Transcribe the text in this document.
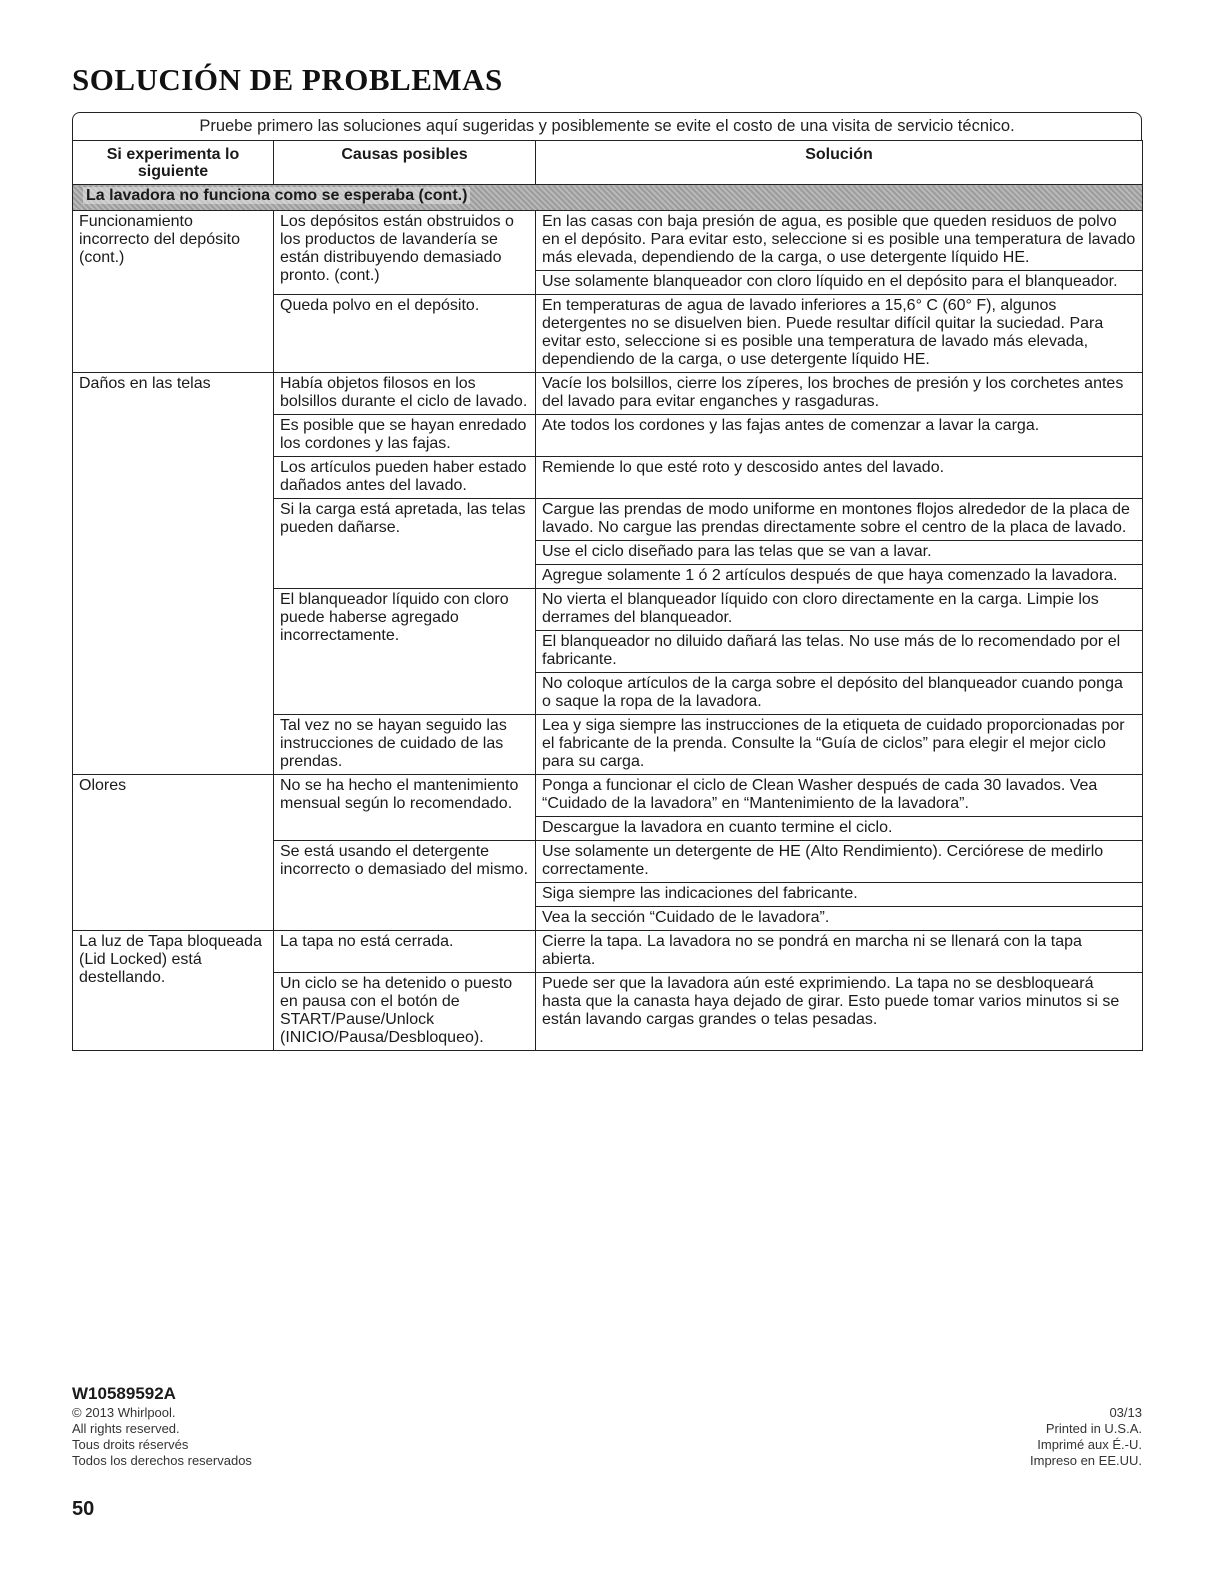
SOLUCIÓN DE PROBLEMAS
Pruebe primero las soluciones aquí sugeridas y posiblemente se evite el costo de una visita de servicio técnico.
Si experimenta lo siguiente	Causas posibles	Solución
La lavadora no funciona como se esperaba (cont.)		
Funcionamiento incorrecto del depósito (cont.)	Los depósitos están obstruidos o los productos de lavandería se están distribuyendo demasiado pronto. (cont.)	En las casas con baja presión de agua, es posible que queden residuos de polvo en el depósito. Para evitar esto, seleccione si es posible una temperatura de lavado más elevada, dependiendo de la carga, o use detergente líquido HE.
		Use solamente blanqueador con cloro líquido en el depósito para el blanqueador.
	Queda polvo en el depósito.	En temperaturas de agua de lavado inferiores a 15,6° C (60° F), algunos detergentes no se disuelven bien. Puede resultar difícil quitar la suciedad. Para evitar esto, seleccione si es posible una temperatura de lavado más elevada, dependiendo de la carga, o use detergente líquido HE.
Daños en las telas	Había objetos filosos en los bolsillos durante el ciclo de lavado.	Vacíe los bolsillos, cierre los zíperes, los broches de presión y los corchetes antes del lavado para evitar enganches y rasgaduras.
	Es posible que se hayan enredado los cordones y las fajas.	Ate todos los cordones y las fajas antes de comenzar a lavar la carga.
	Los artículos pueden haber estado dañados antes del lavado.	Remiende lo que esté roto y descosido antes del lavado.
	Si la carga está apretada, las telas pueden dañarse.	Cargue las prendas de modo uniforme en montones flojos alrededor de la placa de lavado. No cargue las prendas directamente sobre el centro de la placa de lavado.
		Use el ciclo diseñado para las telas que se van a lavar.
		Agregue solamente 1 ó 2 artículos después de que haya comenzado la lavadora.
	El blanqueador líquido con cloro puede haberse agregado incorrectamente.	No vierta el blanqueador líquido con cloro directamente en la carga. Limpie los derrames del blanqueador.
		El blanqueador no diluido dañará las telas. No use más de lo recomendado por el fabricante.
		No coloque artículos de la carga sobre el depósito del blanqueador cuando ponga o saque la ropa de la lavadora.
	Tal vez no se hayan seguido las instrucciones de cuidado de las prendas.	Lea y siga siempre las instrucciones de la etiqueta de cuidado proporcionadas por el fabricante de la prenda. Consulte la “Guía de ciclos” para elegir el mejor ciclo para su carga.
Olores	No se ha hecho el mantenimiento mensual según lo recomendado.	Ponga a funcionar el ciclo de Clean Washer después de cada 30 lavados. Vea “Cuidado de la lavadora” en “Mantenimiento de la lavadora”.
		Descargue la lavadora en cuanto termine el ciclo.
	Se está usando el detergente incorrecto o demasiado del mismo.	Use solamente un detergente de HE (Alto Rendimiento). Cerciórese de medirlo correctamente.
		Siga siempre las indicaciones del fabricante.
		Vea la sección “Cuidado de le lavadora”.
La luz de Tapa bloqueada (Lid Locked) está destellando.	La tapa no está cerrada.	Cierre la tapa. La lavadora no se pondrá en marcha ni se llenará con la tapa abierta.
	Un ciclo se ha detenido o puesto en pausa con el botón de START/Pause/Unlock (INICIO/Pausa/Desbloqueo).	Puede ser que la lavadora aún esté exprimiendo. La tapa no se desbloqueará hasta que la canasta haya dejado de girar. Esto puede tomar varios minutos si se están lavando cargas grandes o telas pesadas.
W10589592A
© 2013 Whirlpool.
All rights reserved.
Tous droits réservés
Todos los derechos reservados
03/13
Printed in U.S.A.
Imprimé aux É.-U.
Impreso en EE.UU.
50
